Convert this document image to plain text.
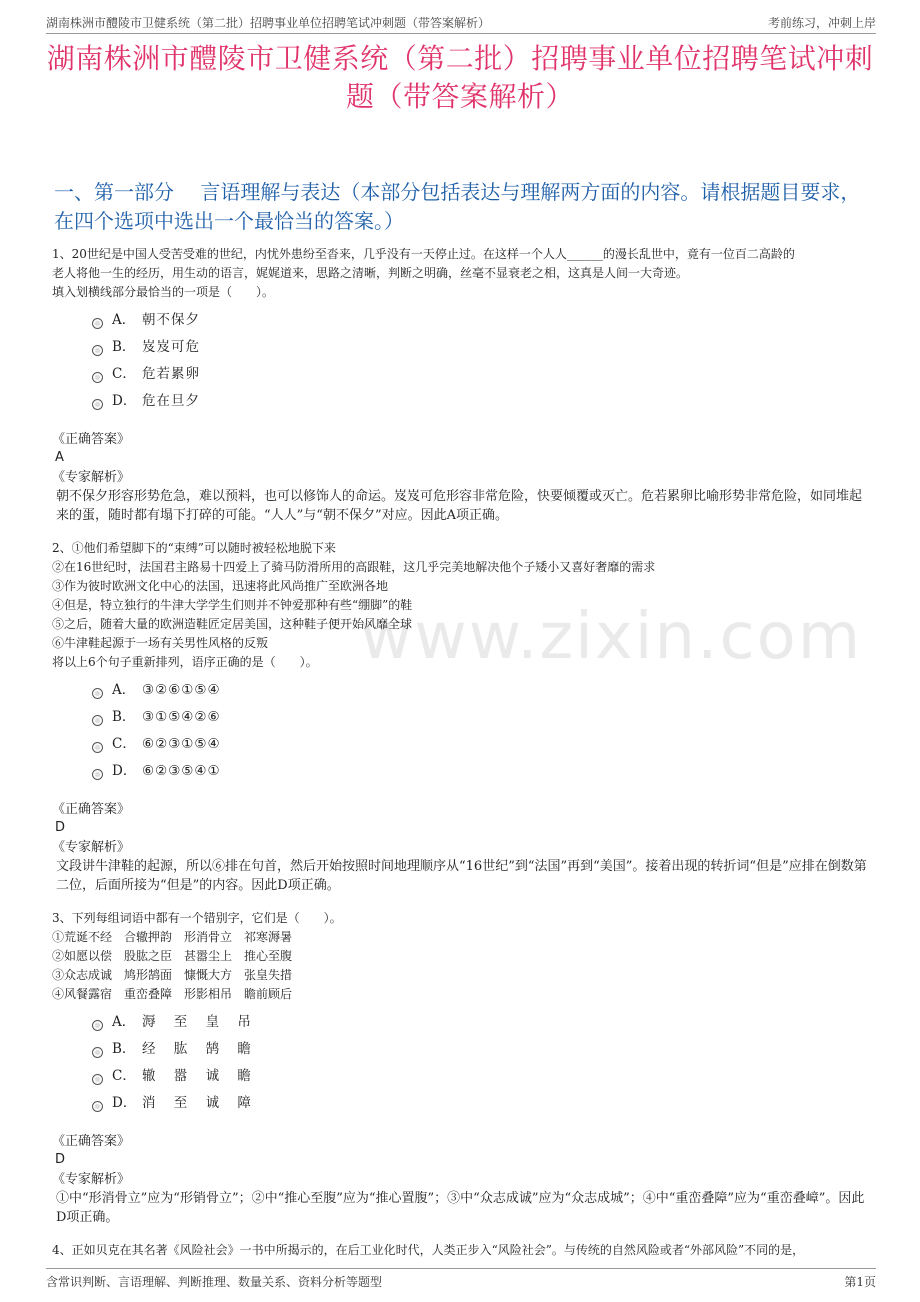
湖南株洲市醴陵市卫健系统（第二批）招聘事业单位招聘笔试冲刺题（带答案解析）	考前练习，冲刺上岸
湖南株洲市醴陵市卫健系统（第二批）招聘事业单位招聘笔试冲刺题（带答案解析）
一、第一部分　 言语理解与表达（本部分包括表达与理解两方面的内容。请根据题目要求，在四个选项中选出一个最恰当的答案。）
www.zixin.com
1、20世纪是中国人受苦受难的世纪，内忧外患纷至沓来，几乎没有一天停止过。在这样一个人人______的漫长乱世中，竟有一位百二高龄的
老人将他一生的经历，用生动的语言，娓娓道来，思路之清晰，判断之明确，丝毫不显衰老之相，这真是人间一大奇迹。
填入划横线部分最恰当的一项是（　　）。
A． 朝不保夕
B． 岌岌可危
C． 危若累卵
D． 危在旦夕
《正确答案》
A
《专家解析》
朝不保夕形容形势危急，难以预料，也可以修饰人的命运。岌岌可危形容非常危险，快要倾覆或灭亡。危若累卵比喻形势非常危险，如同堆起来的蛋，随时都有塌下打碎的可能。“人人”与“朝不保夕”对应。因此A项正确。
2、①他们希望脚下的“束缚”可以随时被轻松地脱下来
②在16世纪时，法国君主路易十四爱上了骑马防滑所用的高跟鞋，这几乎完美地解决他个子矮小又喜好奢靡的需求
③作为彼时欧洲文化中心的法国，迅速将此风尚推广至欧洲各地
④但是，特立独行的牛津大学学生们则并不钟爱那种有些“绷脚”的鞋
⑤之后，随着大量的欧洲造鞋匠定居美国，这种鞋子便开始风靡全球
⑥牛津鞋起源于一场有关男性风格的反叛
将以上6个句子重新排列，语序正确的是（　　）。
A． ③②⑥①⑤④
B． ③①⑤④②⑥
C． ⑥②③①⑤④
D． ⑥②③⑤④①
《正确答案》
D
《专家解析》
文段讲牛津鞋的起源，所以⑥排在句首，然后开始按照时间地理顺序从“16世纪”到“法国”再到“美国”。接着出现的转折词“但是”应排在倒数第二位，后面所接为“但是”的内容。因此D项正确。
3、下列每组词语中都有一个错别字，它们是（　　）。
①荒诞不经　合辙押韵　形消骨立　祁寒溽暑
②如愿以偿　股肱之臣　甚嚣尘上　推心至腹
③众志成诚　鸠形鹄面　慷慨大方　张皇失措
④风餐露宿　重峦叠障　形影相吊　瞻前顾后
A． 溽 至 皇 吊
B． 经 肱 鹄 瞻
C． 辙 嚣 诚 瞻
D． 消 至 诚 障
《正确答案》
D
《专家解析》
①中“形消骨立”应为“形销骨立”；②中“推心至腹”应为“推心置腹”；③中“众志成诚”应为“众志成城”；④中“重峦叠障”应为“重峦叠嶂”。因此D项正确。
4、正如贝克在其名著《风险社会》一书中所揭示的，在后工业化时代，人类正步入“风险社会”。与传统的自然风险或者“外部风险”不同的是，
含常识判断、言语理解、判断推理、数量关系、资料分析等题型	第1页
